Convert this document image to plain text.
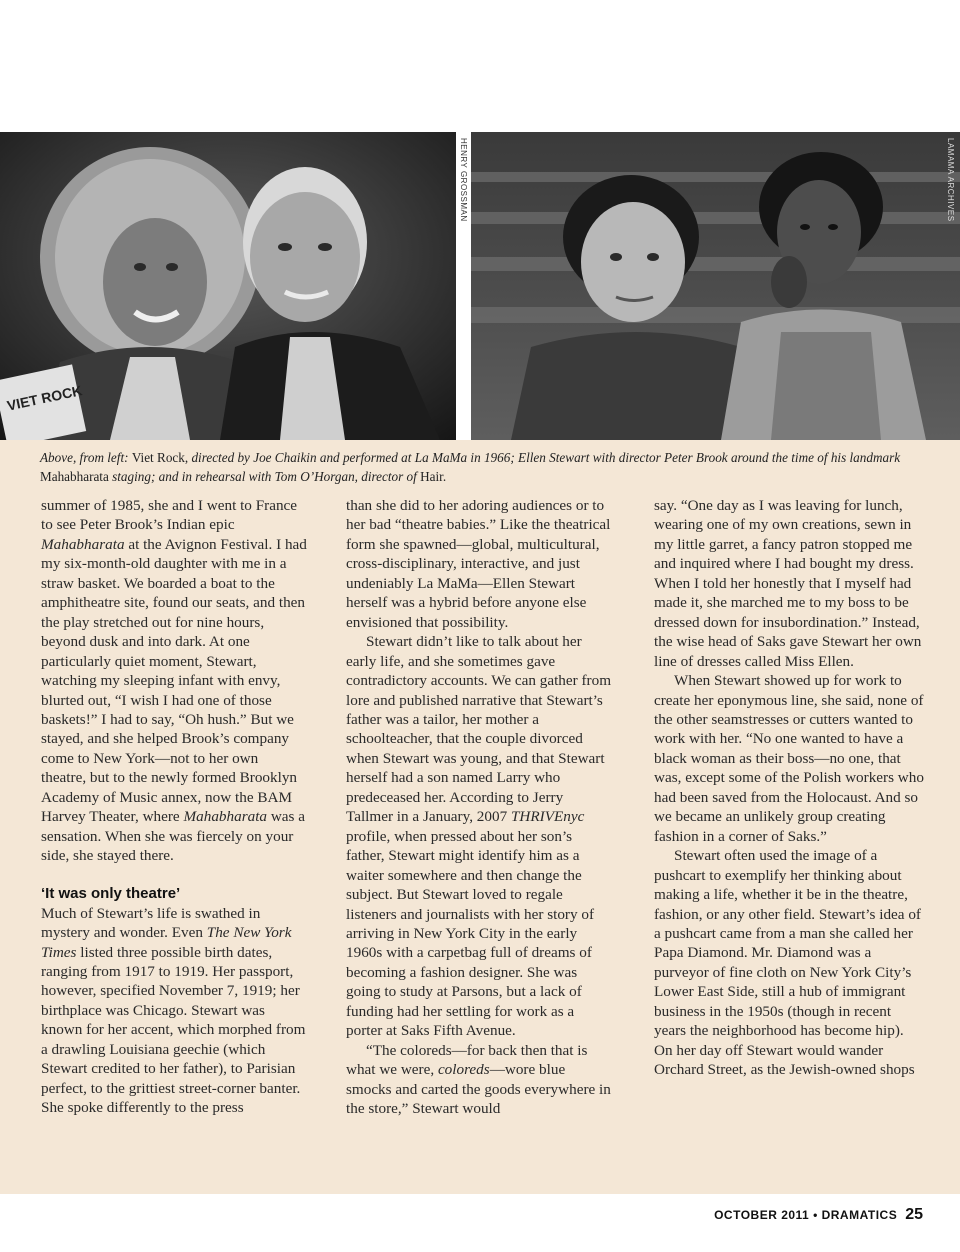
VIET ROCK
HENRY GROSSMAN	LAMAMA ARCHIVES
Above, from left: Viet Rock, directed by Joe Chaikin and performed at La MaMa in 1966; Ellen Stewart with director Peter Brook around the time of his landmark Mahabharata staging; and in rehearsal with Tom O’Horgan, director of Hair.

summer of 1985, she and I went to France to see Peter Brook’s Indian epic Mahabharata at the Avignon Festival. I had my six-month-old daughter with me in a straw basket. We boarded a boat to the amphitheatre site, found our seats, and then the play stretched out for nine hours, beyond dusk and into dark. At one particularly quiet moment, Stewart, watching my sleeping infant with envy, blurted out, “I wish I had one of those baskets!” I had to say, “Oh hush.” But we stayed, and she helped Brook’s company come to New York—not to her own theatre, but to the newly formed Brooklyn Academy of Music annex, now the BAM Harvey Theater, where Mahabharata was a sensation. When she was fiercely on your side, she stayed there.

‘It was only theatre’

Much of Stewart’s life is swathed in mystery and wonder. Even The New York Times listed three possible birth dates, ranging from 1917 to 1919. Her passport, however, specified November 7, 1919; her birthplace was Chicago. Stewart was known for her accent, which morphed from a drawling Louisiana geechie (which Stewart credited to her father), to Parisian perfect, to the grittiest street-corner banter. She spoke differently to the press

than she did to her adoring audiences or to her bad “theatre babies.” Like the theatrical form she spawned—global, multicultural, cross-disciplinary, interactive, and just undeniably La MaMa—Ellen Stewart herself was a hybrid before anyone else envisioned that possibility.

Stewart didn’t like to talk about her early life, and she sometimes gave contradictory accounts. We can gather from lore and published narrative that Stewart’s father was a tailor, her mother a schoolteacher, that the couple divorced when Stewart was young, and that Stewart herself had a son named Larry who predeceased her. According to Jerry Tallmer in a January, 2007 THRIVEnyc profile, when pressed about her son’s father, Stewart might identify him as a waiter somewhere and then change the subject. But Stewart loved to regale listeners and journalists with her story of arriving in New York City in the early 1960s with a carpetbag full of dreams of becoming a fashion designer. She was going to study at Parsons, but a lack of funding had her settling for work as a porter at Saks Fifth Avenue.

“The coloreds—for back then that is what we were, coloreds—wore blue smocks and carted the goods everywhere in the store,” Stewart would

say. “One day as I was leaving for lunch, wearing one of my own creations, sewn in my little garret, a fancy patron stopped me and inquired where I had bought my dress. When I told her honestly that I myself had made it, she marched me to my boss to be dressed down for insubordination.” Instead, the wise head of Saks gave Stewart her own line of dresses called Miss Ellen.

When Stewart showed up for work to create her eponymous line, she said, none of the other seamstresses or cutters wanted to work with her. “No one wanted to have a black woman as their boss—no one, that was, except some of the Polish workers who had been saved from the Holocaust. And so we became an unlikely group creating fashion in a corner of Saks.”

Stewart often used the image of a pushcart to exemplify her thinking about making a life, whether it be in the theatre, fashion, or any other field. Stewart’s idea of a pushcart came from a man she called her Papa Diamond. Mr. Diamond was a purveyor of fine cloth on New York City’s Lower East Side, still a hub of immigrant business in the 1950s (though in recent years the neighborhood has become hip). On her day off Stewart would wander Orchard Street, as the Jewish-owned shops

OCTOBER 2011 • DRAMATICS 25
